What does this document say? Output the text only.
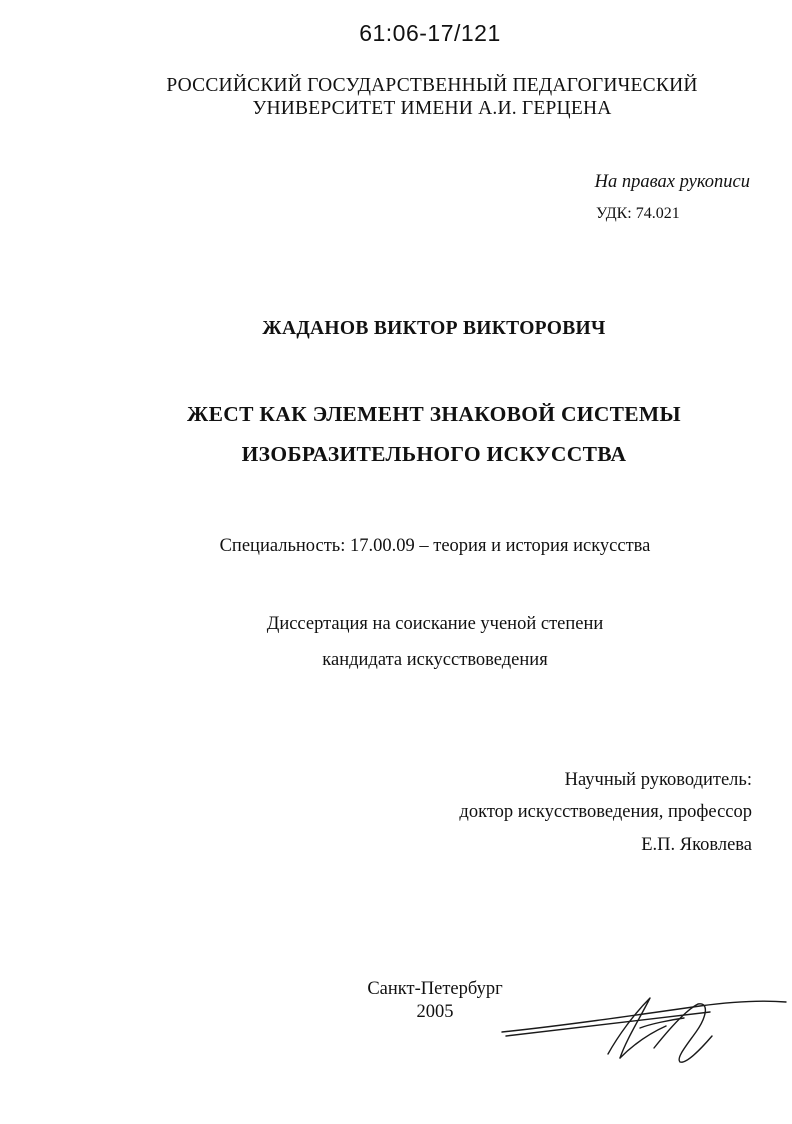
61:06-17/121
РОССИЙСКИЙ ГОСУДАРСТВЕННЫЙ ПЕДАГОГИЧЕСКИЙ
УНИВЕРСИТЕТ ИМЕНИ А.И. ГЕРЦЕНА
На правах рукописи
УДК: 74.021
ЖАДАНОВ ВИКТОР ВИКТОРОВИЧ
ЖЕСТ КАК ЭЛЕМЕНТ ЗНАКОВОЙ СИСТЕМЫ
ИЗОБРАЗИТЕЛЬНОГО ИСКУССТВА
Специальность: 17.00.09 – теория и история искусства
Диссертация на соискание ученой степени
кандидата искусствоведения
Научный руководитель:
доктор искусствоведения, профессор
Е.П. Яковлева
Санкт-Петербург
2005
